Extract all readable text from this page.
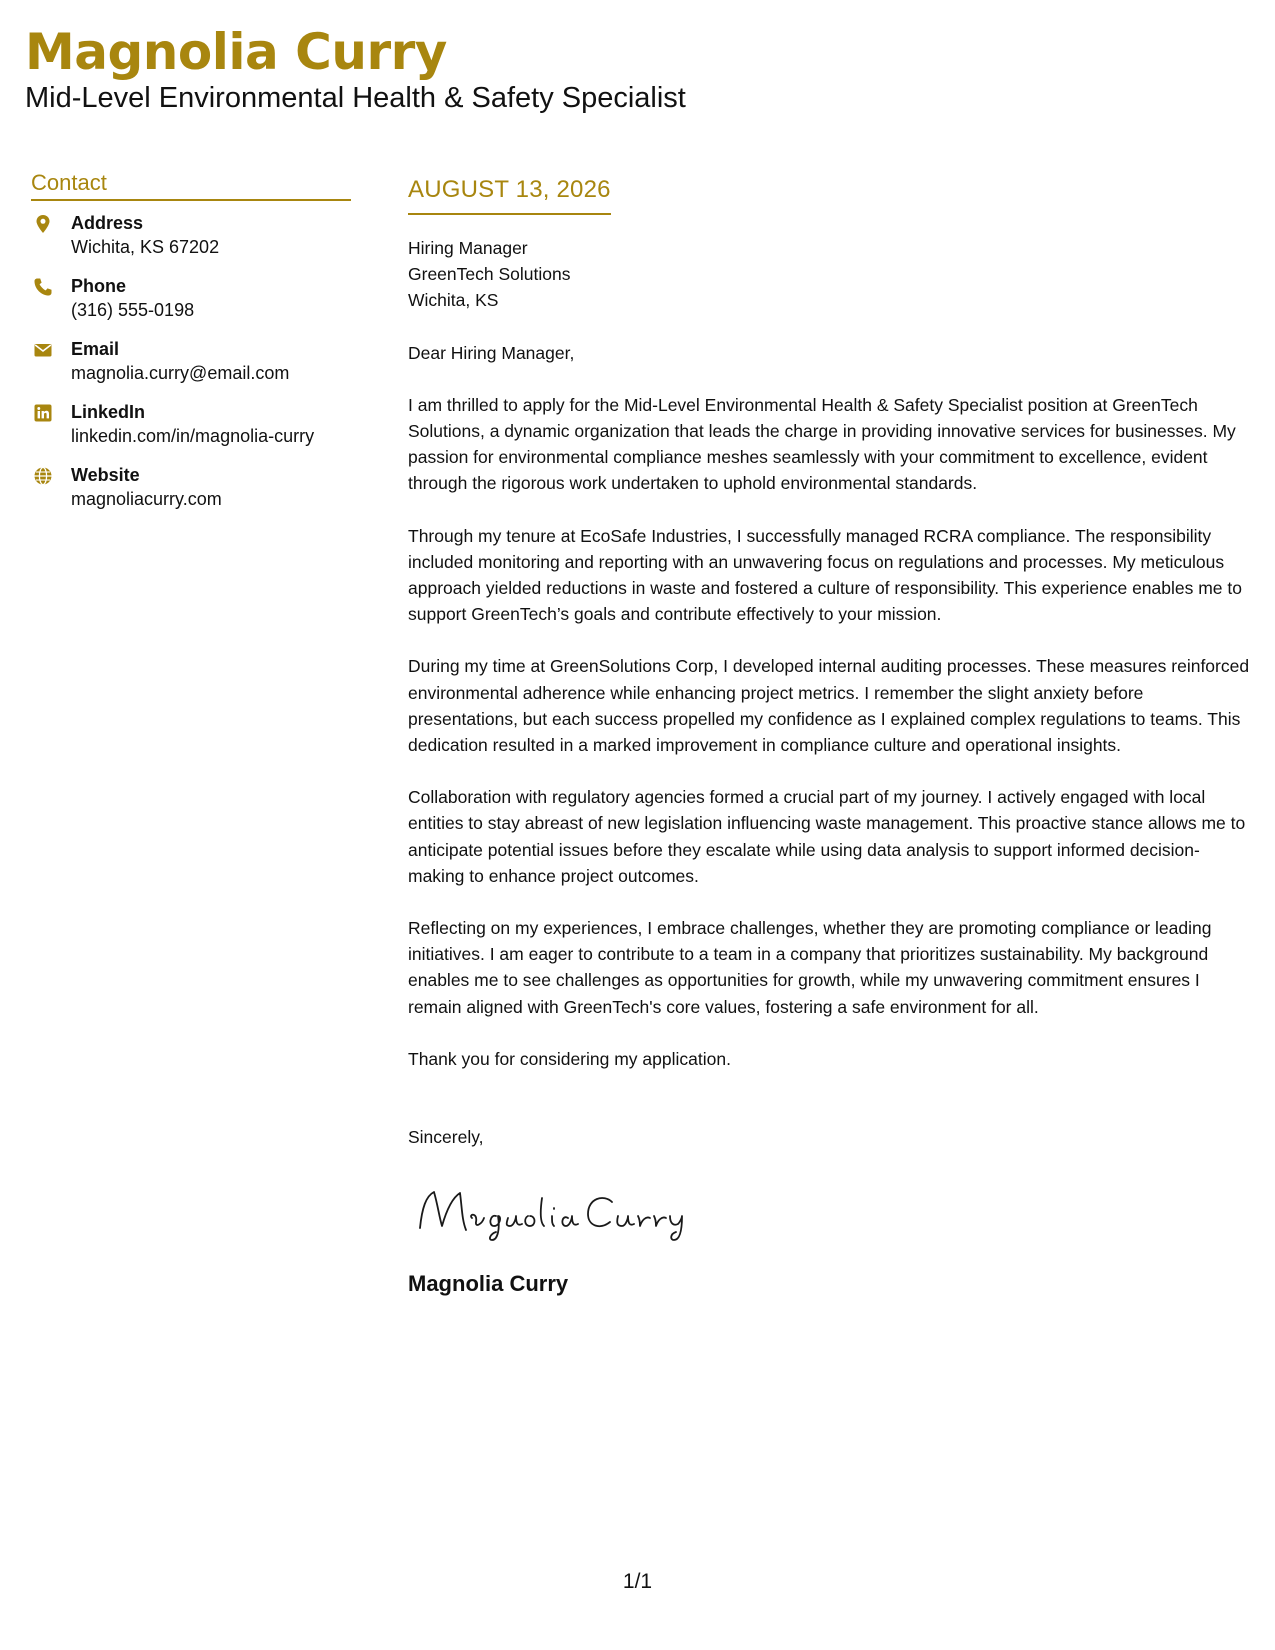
Magnolia Curry
Mid-Level Environmental Health & Safety Specialist
Contact
Address
Wichita, KS 67202
Phone
(316) 555-0198
Email
magnolia.curry@email.com
LinkedIn
linkedin.com/in/magnolia-curry
Website
magnoliacurry.com
AUGUST 13, 2026
Hiring Manager
GreenTech Solutions
Wichita, KS

Dear Hiring Manager,

I am thrilled to apply for the Mid-Level Environmental Health & Safety Specialist position at GreenTech Solutions, a dynamic organization that leads the charge in providing innovative services for businesses. My passion for environmental compliance meshes seamlessly with your commitment to excellence, evident through the rigorous work undertaken to uphold environmental standards.

Through my tenure at EcoSafe Industries, I successfully managed RCRA compliance. The responsibility included monitoring and reporting with an unwavering focus on regulations and processes. My meticulous approach yielded reductions in waste and fostered a culture of responsibility. This experience enables me to support GreenTech’s goals and contribute effectively to your mission.

During my time at GreenSolutions Corp, I developed internal auditing processes. These measures reinforced environmental adherence while enhancing project metrics. I remember the slight anxiety before presentations, but each success propelled my confidence as I explained complex regulations to teams. This dedication resulted in a marked improvement in compliance culture and operational insights.

Collaboration with regulatory agencies formed a crucial part of my journey. I actively engaged with local entities to stay abreast of new legislation influencing waste management. This proactive stance allows me to anticipate potential issues before they escalate while using data analysis to support informed decision-making to enhance project outcomes.

Reflecting on my experiences, I embrace challenges, whether they are promoting compliance or leading initiatives. I am eager to contribute to a team in a company that prioritizes sustainability. My background enables me to see challenges as opportunities for growth, while my unwavering commitment ensures I remain aligned with GreenTech's core values, fostering a safe environment for all.

Thank you for considering my application.

Sincerely,
Magnolia Curry
1/1
